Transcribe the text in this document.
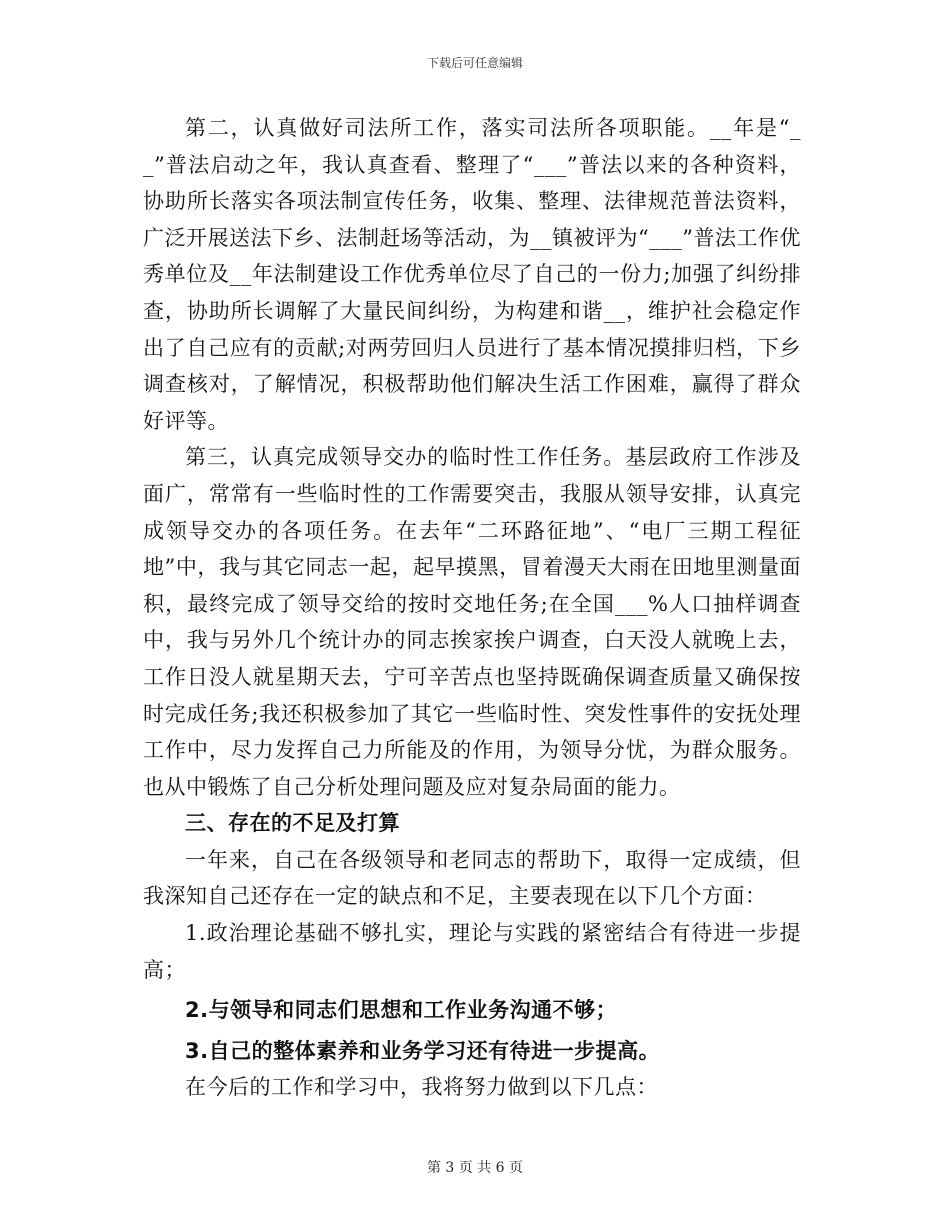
下载后可任意编辑

第二，认真做好司法所工作，落实司法所各项职能。__年是“__”普法启动之年，我认真查看、整理了“___”普法以来的各种资料，协助所长落实各项法制宣传任务，收集、整理、法律规范普法资料，广泛开展送法下乡、法制赶场等活动，为__镇被评为“___”普法工作优秀单位及__年法制建设工作优秀单位尽了自己的一份力;加强了纠纷排查，协助所长调解了大量民间纠纷，为构建和谐__，维护社会稳定作出了自己应有的贡献;对两劳回归人员进行了基本情况摸排归档，下乡调查核对，了解情况，积极帮助他们解决生活工作困难，赢得了群众好评等。

第三，认真完成领导交办的临时性工作任务。基层政府工作涉及面广，常常有一些临时性的工作需要突击，我服从领导安排，认真完成领导交办的各项任务。在去年“二环路征地”、“电厂三期工程征地”中，我与其它同志一起，起早摸黑，冒着漫天大雨在田地里测量面积，最终完成了领导交给的按时交地任务;在全国___%人口抽样调查中，我与另外几个统计办的同志挨家挨户调查，白天没人就晚上去，工作日没人就星期天去，宁可辛苦点也坚持既确保调查质量又确保按时完成任务;我还积极参加了其它一些临时性、突发性事件的安抚处理工作中，尽力发挥自己力所能及的作用，为领导分忧，为群众服务。也从中锻炼了自己分析处理问题及应对复杂局面的能力。

三、存在的不足及打算

一年来，自己在各级领导和老同志的帮助下，取得一定成绩，但我深知自己还存在一定的缺点和不足，主要表现在以下几个方面：

1.政治理论基础不够扎实，理论与实践的紧密结合有待进一步提高；

2.与领导和同志们思想和工作业务沟通不够；

3.自己的整体素养和业务学习还有待进一步提高。

在今后的工作和学习中，我将努力做到以下几点：

第 3 页 共 6 页
